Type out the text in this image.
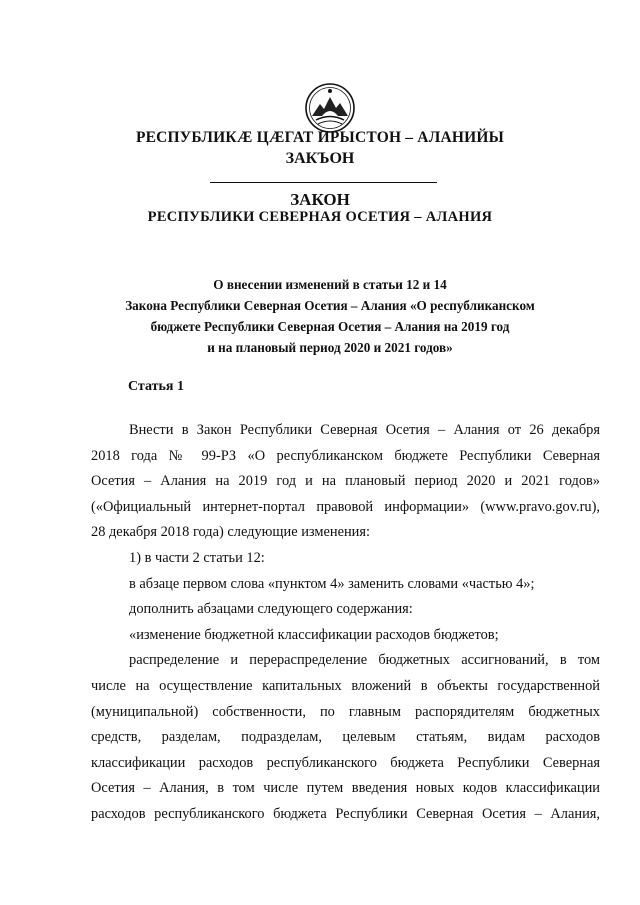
РЕСПУБЛИКӔ ЦӔГАТ ИРЫСТОН – АЛАНИЙЫ
ЗАКЪОН
ЗАКОН
РЕСПУБЛИКИ СЕВЕРНАЯ ОСЕТИЯ – АЛАНИЯ
О внесении изменений в статьи 12 и 14
Закона Республики Северная Осетия – Алания «О республиканском
бюджете Республики Северная Осетия – Алания на 2019 год
и на плановый период 2020 и 2021 годов»
Статья 1
Внести в Закон Республики Северная Осетия – Алания от 26 декабря
2018 года № 99-РЗ «О республиканском бюджете Республики Северная
Осетия – Алания на 2019 год и на плановый период 2020 и 2021 годов»
(«Официальный интернет-портал правовой информации» (www.pravo.gov.ru),
28 декабря 2018 года) следующие изменения:
1) в части 2 статьи 12:
в абзаце первом слова «пунктом 4» заменить словами «частью 4»;
дополнить абзацами следующего содержания:
«изменение бюджетной классификации расходов бюджетов;
распределение и перераспределение бюджетных ассигнований, в том
числе на осуществление капитальных вложений в объекты государственной
(муниципальной) собственности, по главным распорядителям бюджетных
средств, разделам, подразделам, целевым статьям, видам расходов
классификации расходов республиканского бюджета Республики Северная
Осетия – Алания, в том числе путем введения новых кодов классификации
расходов республиканского бюджета Республики Северная Осетия – Алания,
